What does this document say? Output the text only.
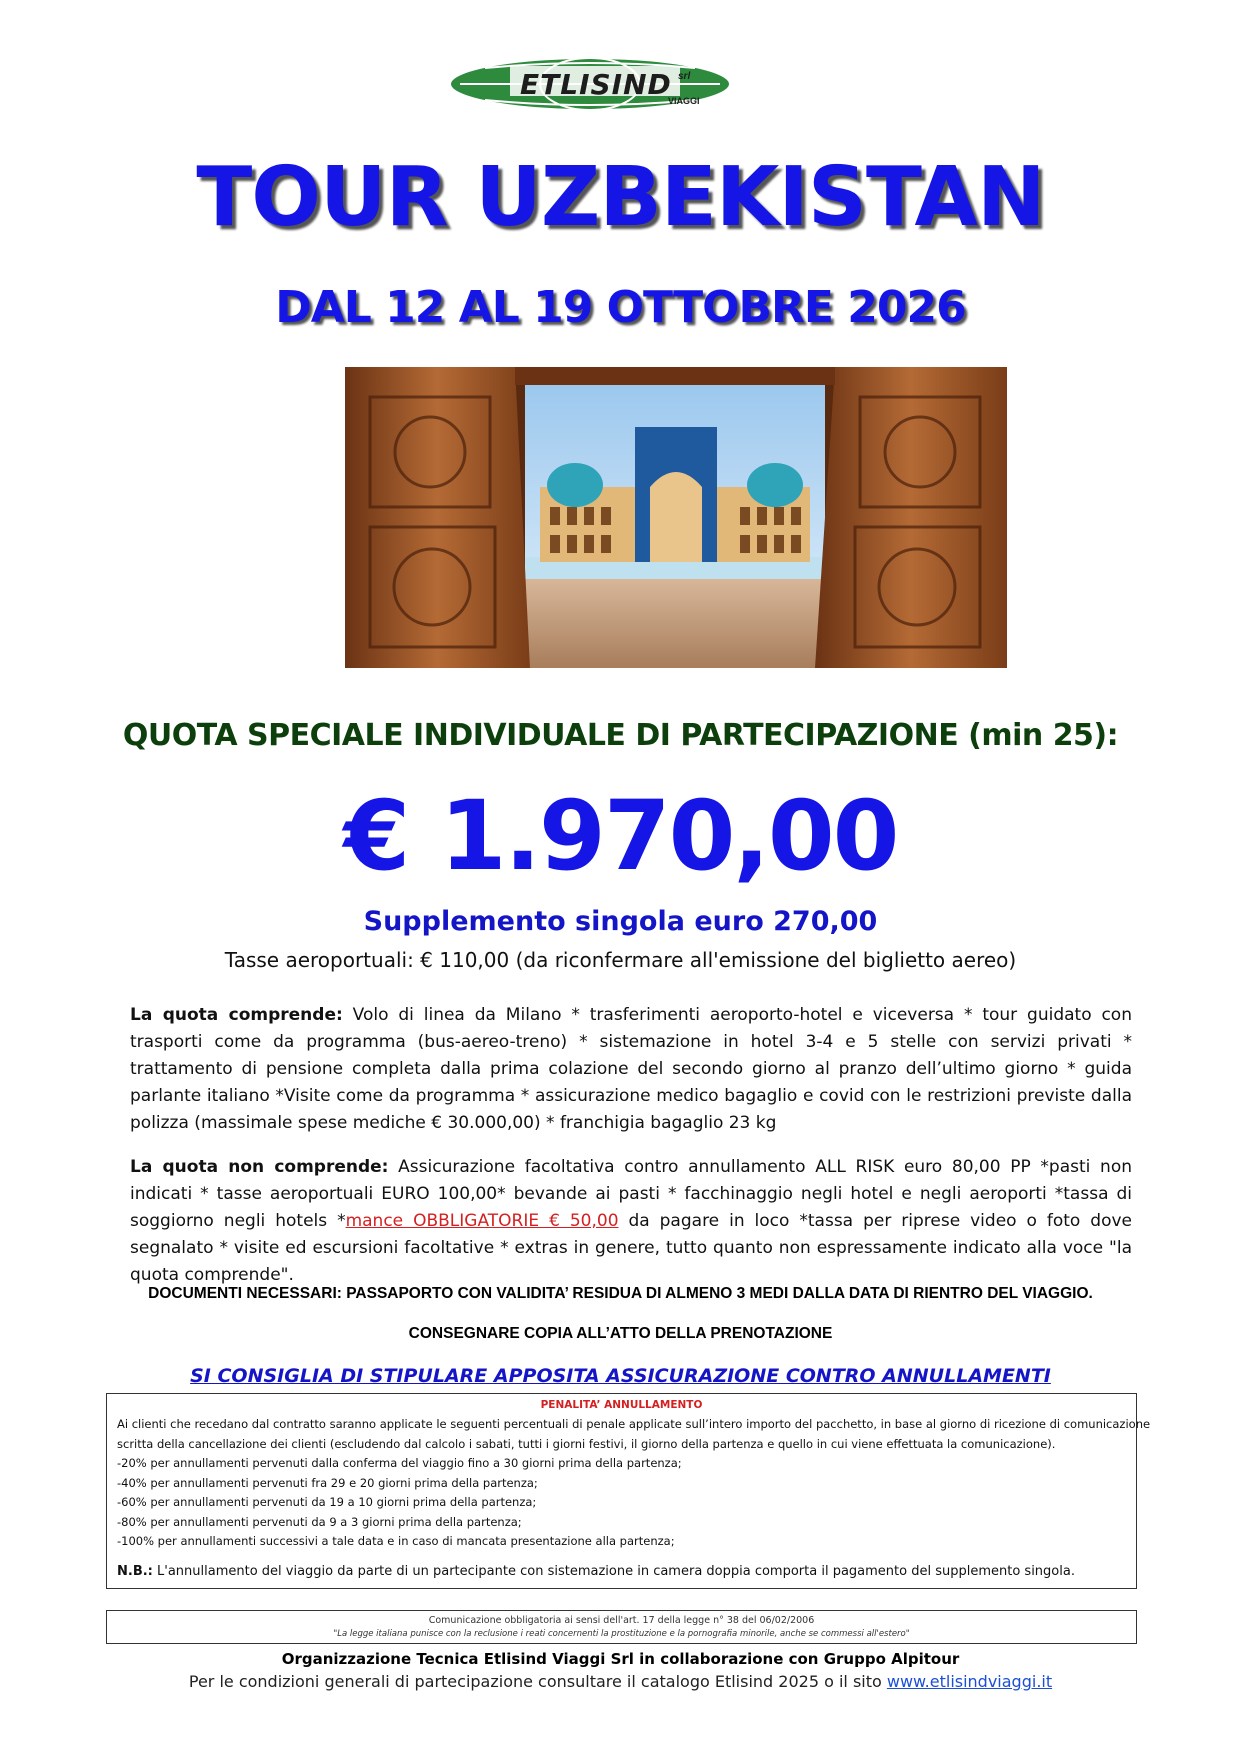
ETLISIND srl
VIAGGI
TOUR UZBEKISTAN
DAL 12 AL 19 OTTOBRE 2026
QUOTA SPECIALE INDIVIDUALE DI PARTECIPAZIONE (min 25):
€ 1.970,00
Supplemento singola euro 270,00
Tasse aeroportuali: € 110,00 (da riconfermare all'emissione del biglietto aereo)
La quota comprende: Volo di linea da Milano * trasferimenti aeroporto-hotel e viceversa * tour guidato con trasporti come da programma (bus-aereo-treno) * sistemazione in hotel 3-4 e 5 stelle con servizi privati * trattamento di pensione completa dalla prima colazione del secondo giorno al pranzo dell’ultimo giorno * guida parlante italiano *Visite come da programma * assicurazione medico bagaglio e covid con le restrizioni previste dalla polizza (massimale spese mediche € 30.000,00) * franchigia bagaglio 23 kg
La quota non comprende: Assicurazione facoltativa contro annullamento ALL RISK euro 80,00 PP *pasti non indicati * tasse aeroportuali EURO 100,00* bevande ai pasti * facchinaggio negli hotel e negli aeroporti *tassa di soggiorno negli hotels *mance OBBLIGATORIE € 50,00 da pagare in loco *tassa per riprese video o foto dove segnalato * visite ed escursioni facoltative * extras in genere, tutto quanto non espressamente indicato alla voce "la quota comprende".
DOCUMENTI NECESSARI: PASSAPORTO CON VALIDITA’ RESIDUA DI ALMENO 3 MEDI DALLA DATA DI RIENTRO DEL VIAGGIO.
CONSEGNARE COPIA ALL’ATTO DELLA PRENOTAZIONE
SI CONSIGLIA DI STIPULARE APPOSITA ASSICURAZIONE CONTRO ANNULLAMENTI
PENALITA’ ANNULLAMENTO
Ai clienti che recedano dal contratto saranno applicate le seguenti percentuali di penale applicate sull’intero importo del pacchetto, in base al giorno di ricezione di comunicazione
scritta della cancellazione dei clienti (escludendo dal calcolo i sabati, tutti i giorni festivi, il giorno della partenza e quello in cui viene effettuata la comunicazione).
-20% per annullamenti pervenuti dalla conferma del viaggio fino a 30 giorni prima della partenza;
-40% per annullamenti pervenuti fra 29 e 20 giorni prima della partenza;
-60% per annullamenti pervenuti da 19 a 10 giorni prima della partenza;
-80% per annullamenti pervenuti da 9 a 3 giorni prima della partenza;
-100% per annullamenti successivi a tale data e in caso di mancata presentazione alla partenza;
N.B.: L'annullamento del viaggio da parte di un partecipante con sistemazione in camera doppia comporta il pagamento del supplemento singola.
Comunicazione obbligatoria ai sensi dell'art. 17 della legge n° 38 del 06/02/2006
"La legge italiana punisce con la reclusione i reati concernenti la prostituzione e la pornografia minorile, anche se commessi all'estero"
Organizzazione Tecnica Etlisind Viaggi Srl in collaborazione con Gruppo Alpitour
Per le condizioni generali di partecipazione consultare il catalogo Etlisind 2025 o il sito www.etlisindviaggi.it
